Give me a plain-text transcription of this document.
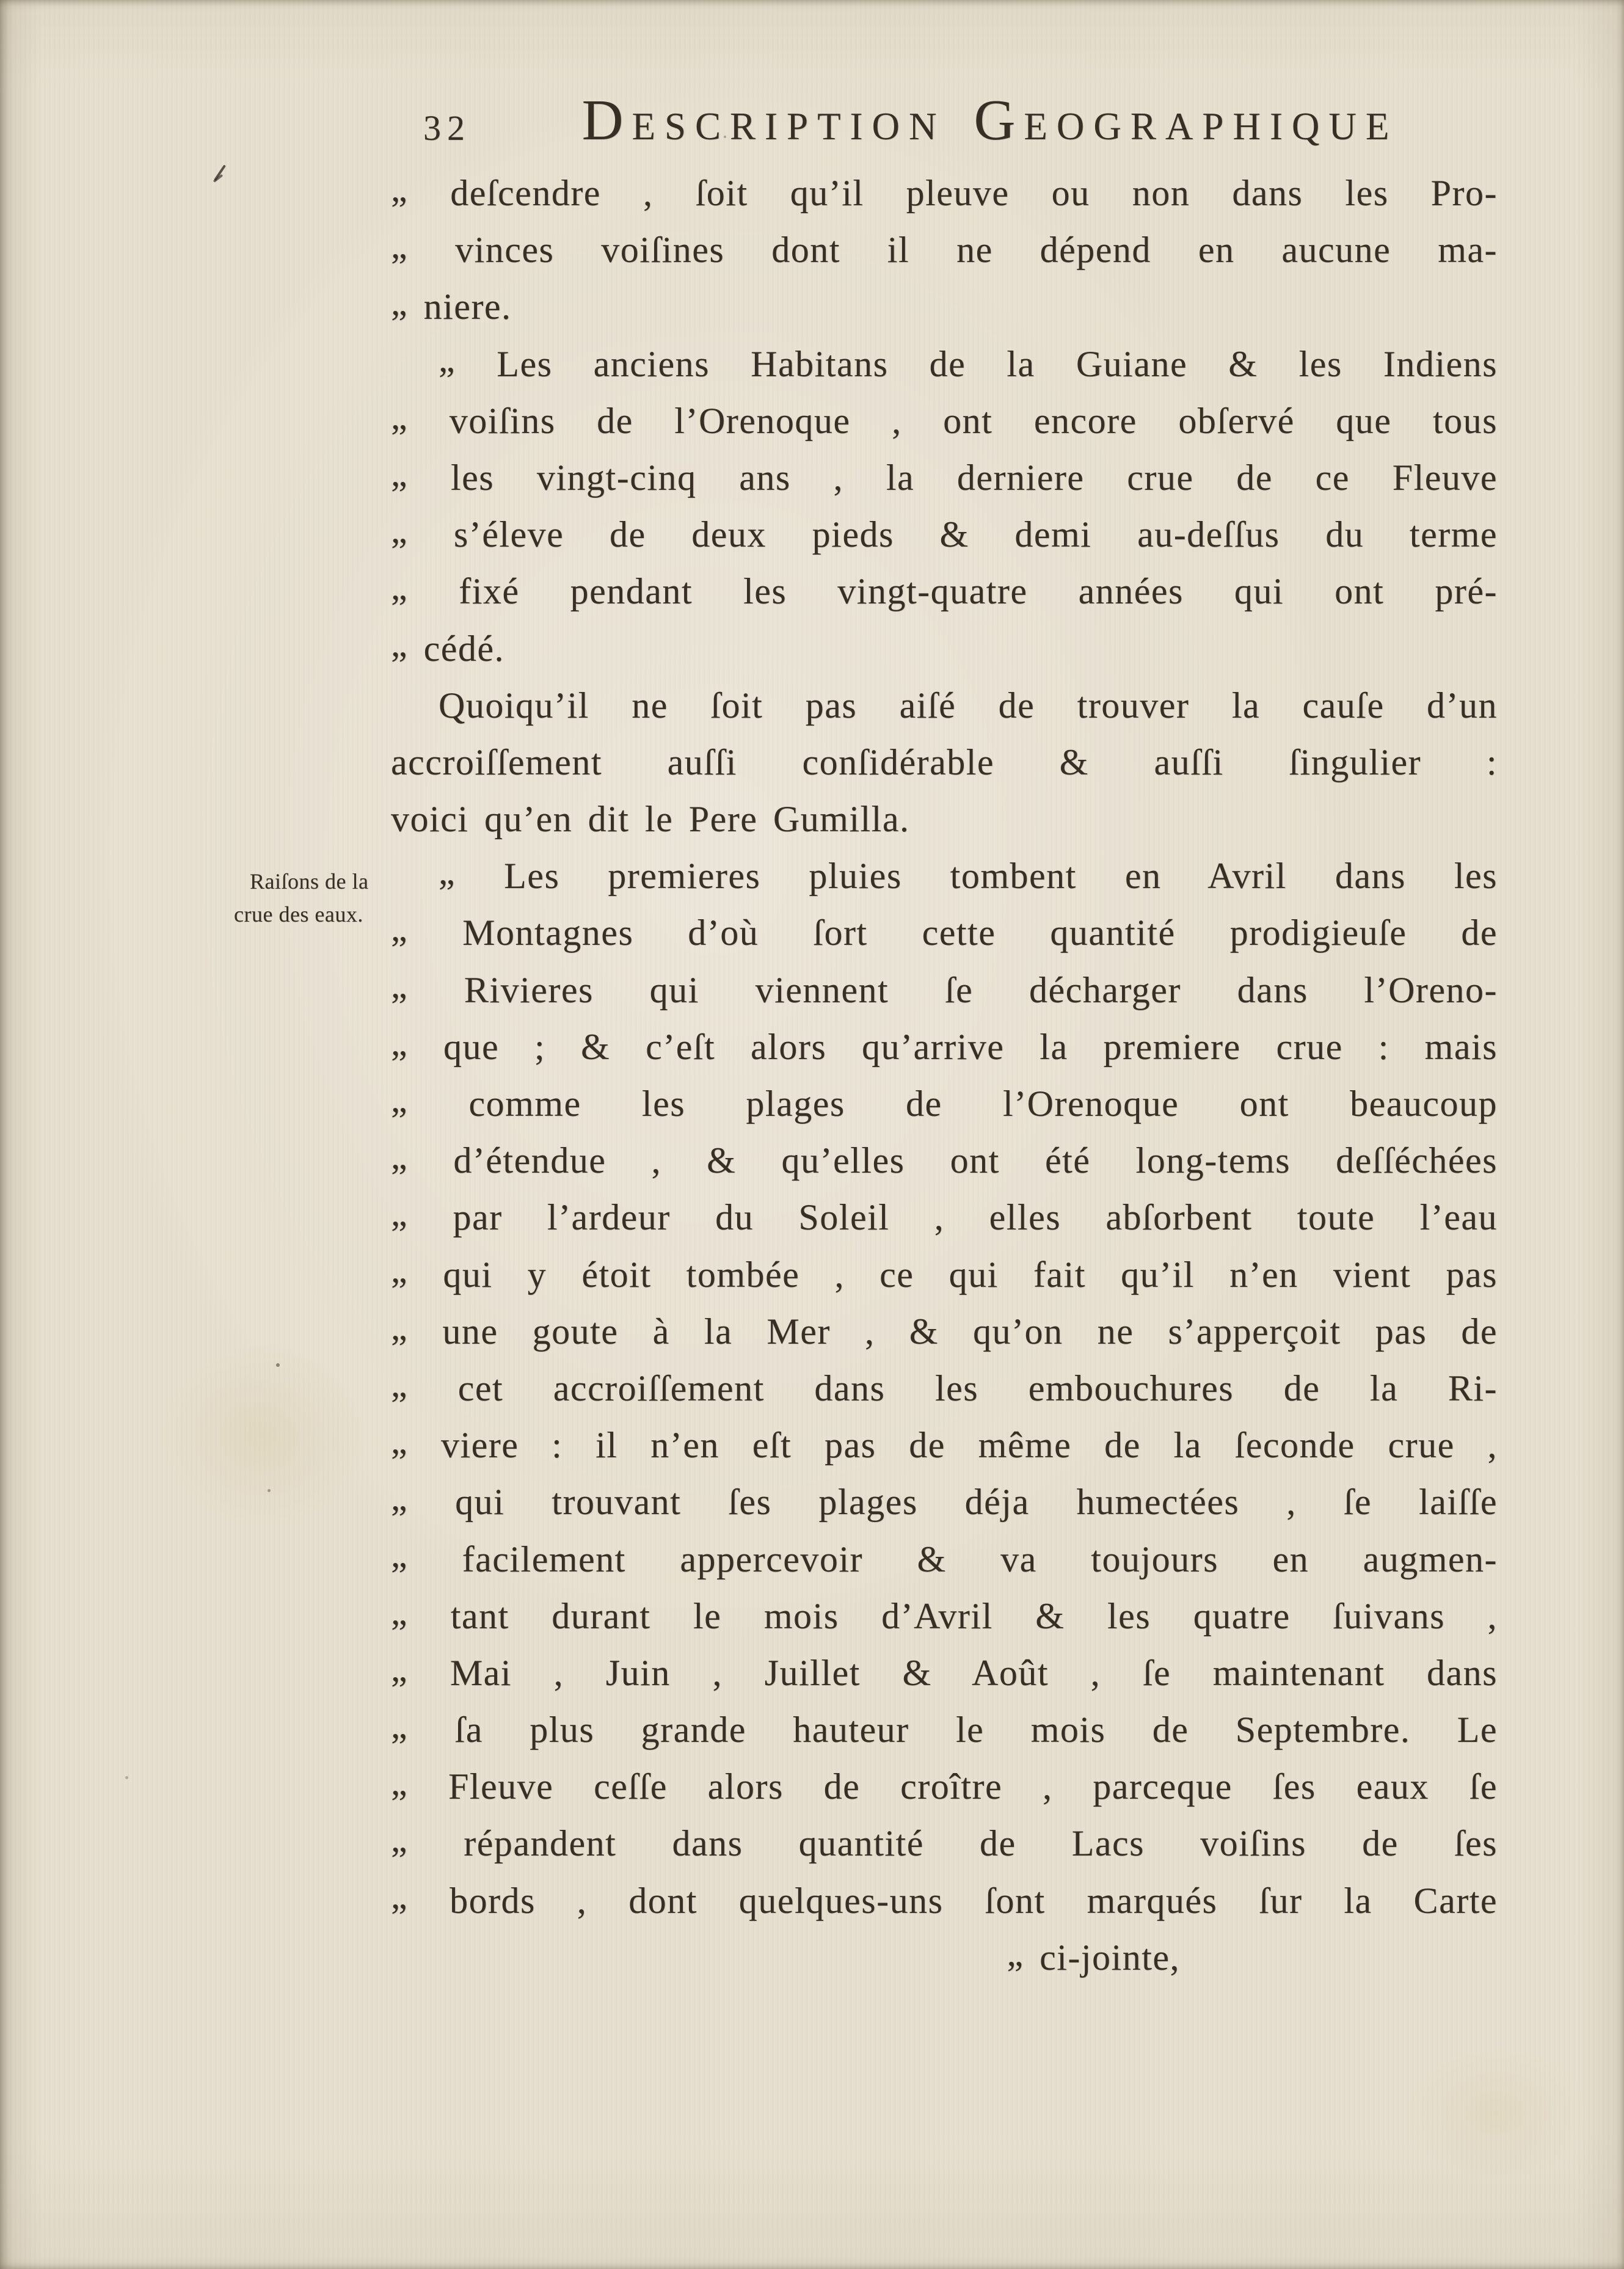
32	DESCRIPTION GEOGRAPHIQUE
Raiſons de la
crue des eaux.
„ deſcendre , ſoit qu’il pleuve ou non dans les Pro-
„ vinces voiſines dont il ne dépend en aucune ma-
„ niere.
„ Les anciens Habitans de la Guiane & les Indiens
„ voiſins de l’Orenoque , ont encore obſervé que tous
„ les vingt-cinq ans , la derniere crue de ce Fleuve
„ s’éleve de deux pieds & demi au-deſſus du terme
„ fixé pendant les vingt-quatre années qui ont pré-
„ cédé.
Quoiqu’il ne ſoit pas aiſé de trouver la cauſe d’un
accroiſſement auſſi conſidérable & auſſi ſingulier :
voici qu’en dit le Pere Gumilla.
„ Les premieres pluies tombent en Avril dans les
„ Montagnes d’où ſort cette quantité prodigieuſe de
„ Rivieres qui viennent ſe décharger dans l’Oreno-
„ que ; & c’eſt alors qu’arrive la premiere crue : mais
„ comme les plages de l’Orenoque ont beaucoup
„ d’étendue , & qu’elles ont été long-tems deſſéchées
„ par l’ardeur du Soleil , elles abſorbent toute l’eau
„ qui y étoit tombée , ce qui fait qu’il n’en vient pas
„ une goute à la Mer , & qu’on ne s’apperçoit pas de
„ cet accroiſſement dans les embouchures de la Ri-
„ viere : il n’en eſt pas de même de la ſeconde crue ,
„ qui trouvant ſes plages déja humectées , ſe laiſſe
„ facilement appercevoir & va toujours en augmen-
„ tant durant le mois d’Avril & les quatre ſuivans ,
„ Mai , Juin , Juillet & Août , ſe maintenant dans
„ ſa plus grande hauteur le mois de Septembre. Le
„ Fleuve ceſſe alors de croître , parceque ſes eaux ſe
„ répandent dans quantité de Lacs voiſins de ſes
„ bords , dont quelques-uns ſont marqués ſur la Carte
„ ci-jointe,
